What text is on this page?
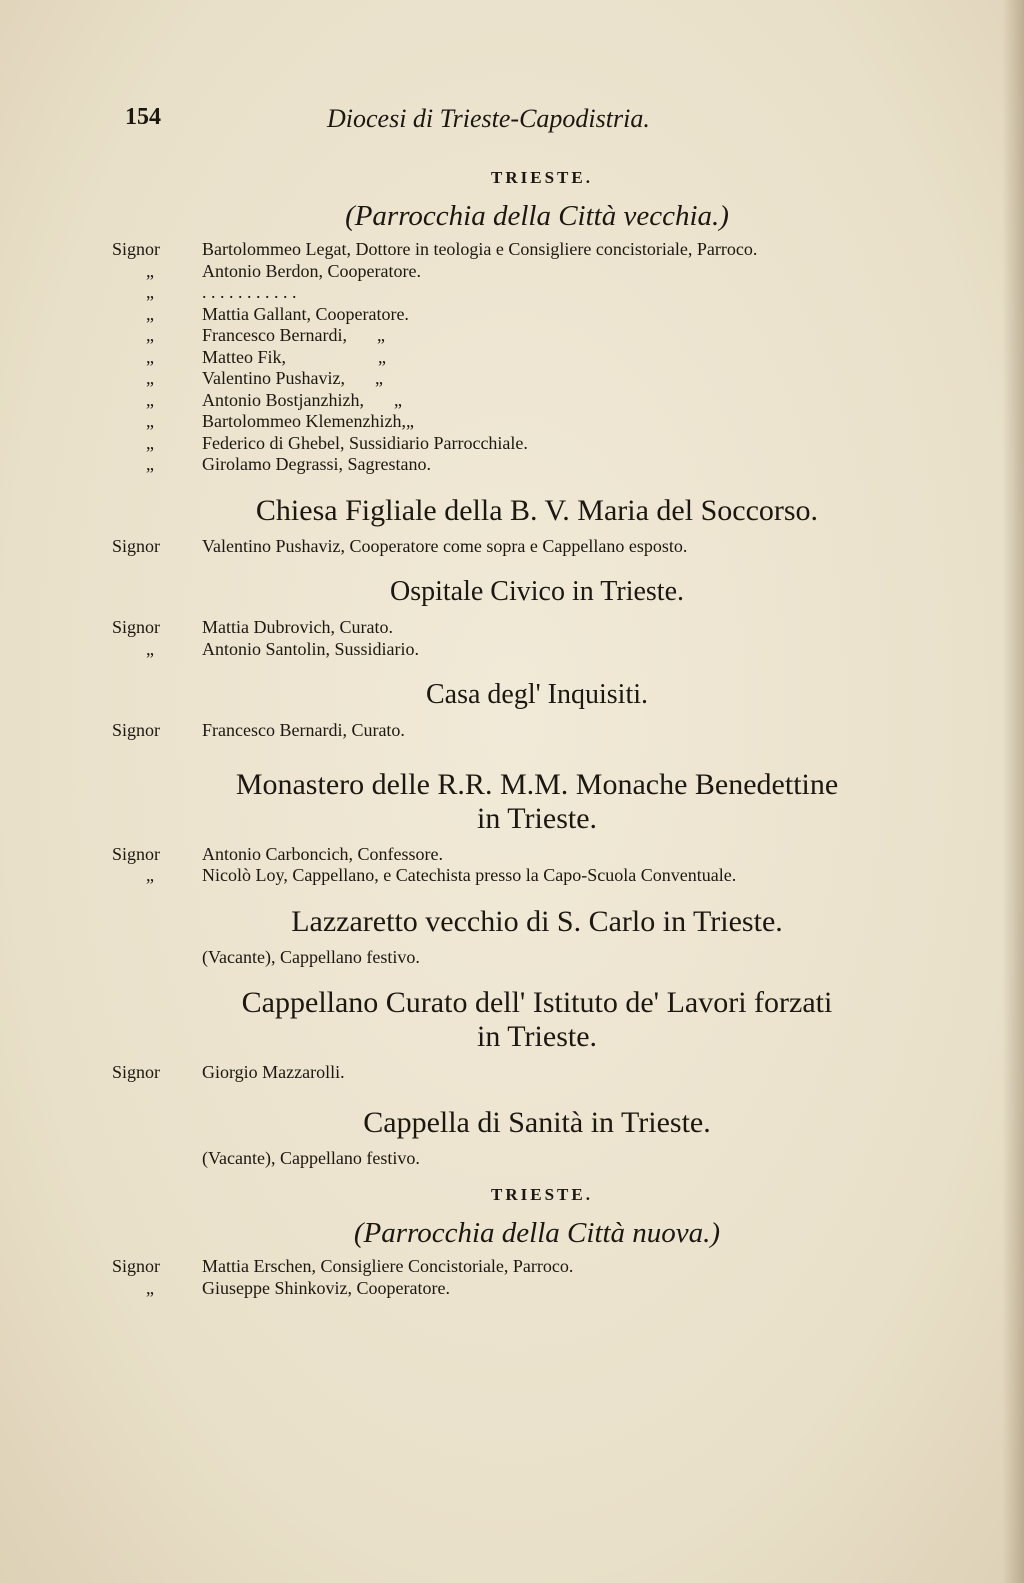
154	Diocesi di Trieste-Capodistria.
TRIESTE.
(Parrocchia della Città vecchia.)
Signor	Bartolommeo Legat, Dottore in teologia e Consigliere concistoriale, Parroco.
„	Antonio Berdon, Cooperatore.
„	. . . . . . . . . . .
„	Mattia Gallant, Cooperatore.
„	Francesco Bernardi, „
„	Matteo Fik,	„
„	Valentino Pushaviz, „
„	Antonio Bostjanzhizh, „
„	Bartolommeo Klemenzhizh,„
„	Federico di Ghebel, Sussidiario Parrocchiale.
„	Girolamo Degrassi, Sagrestano.
Chiesa Figliale della B. V. Maria del Soccorso.
Signor	Valentino Pushaviz, Cooperatore come sopra e Cappellano esposto.
Ospitale Civico in Trieste.
Signor	Mattia Dubrovich, Curato.
„	Antonio Santolin, Sussidiario.
Casa degl' Inquisiti.
Signor	Francesco Bernardi, Curato.
Monastero delle R.R. M.M. Monache Benedettine
in Trieste.
Signor	Antonio Carboncich, Confessore.
„	Nicolò Loy, Cappellano, e Catechista presso la Capo-Scuola Conventuale.
Lazzaretto vecchio di S. Carlo in Trieste.
(Vacante), Cappellano festivo.
Cappellano Curato dell' Istituto de' Lavori forzati
in Trieste.
Signor	Giorgio Mazzarolli.
Cappella di Sanità in Trieste.
(Vacante), Cappellano festivo.
TRIESTE.
(Parrocchia della Città nuova.)
Signor	Mattia Erschen, Consigliere Concistoriale, Parroco.
„	Giuseppe Shinkoviz, Cooperatore.
